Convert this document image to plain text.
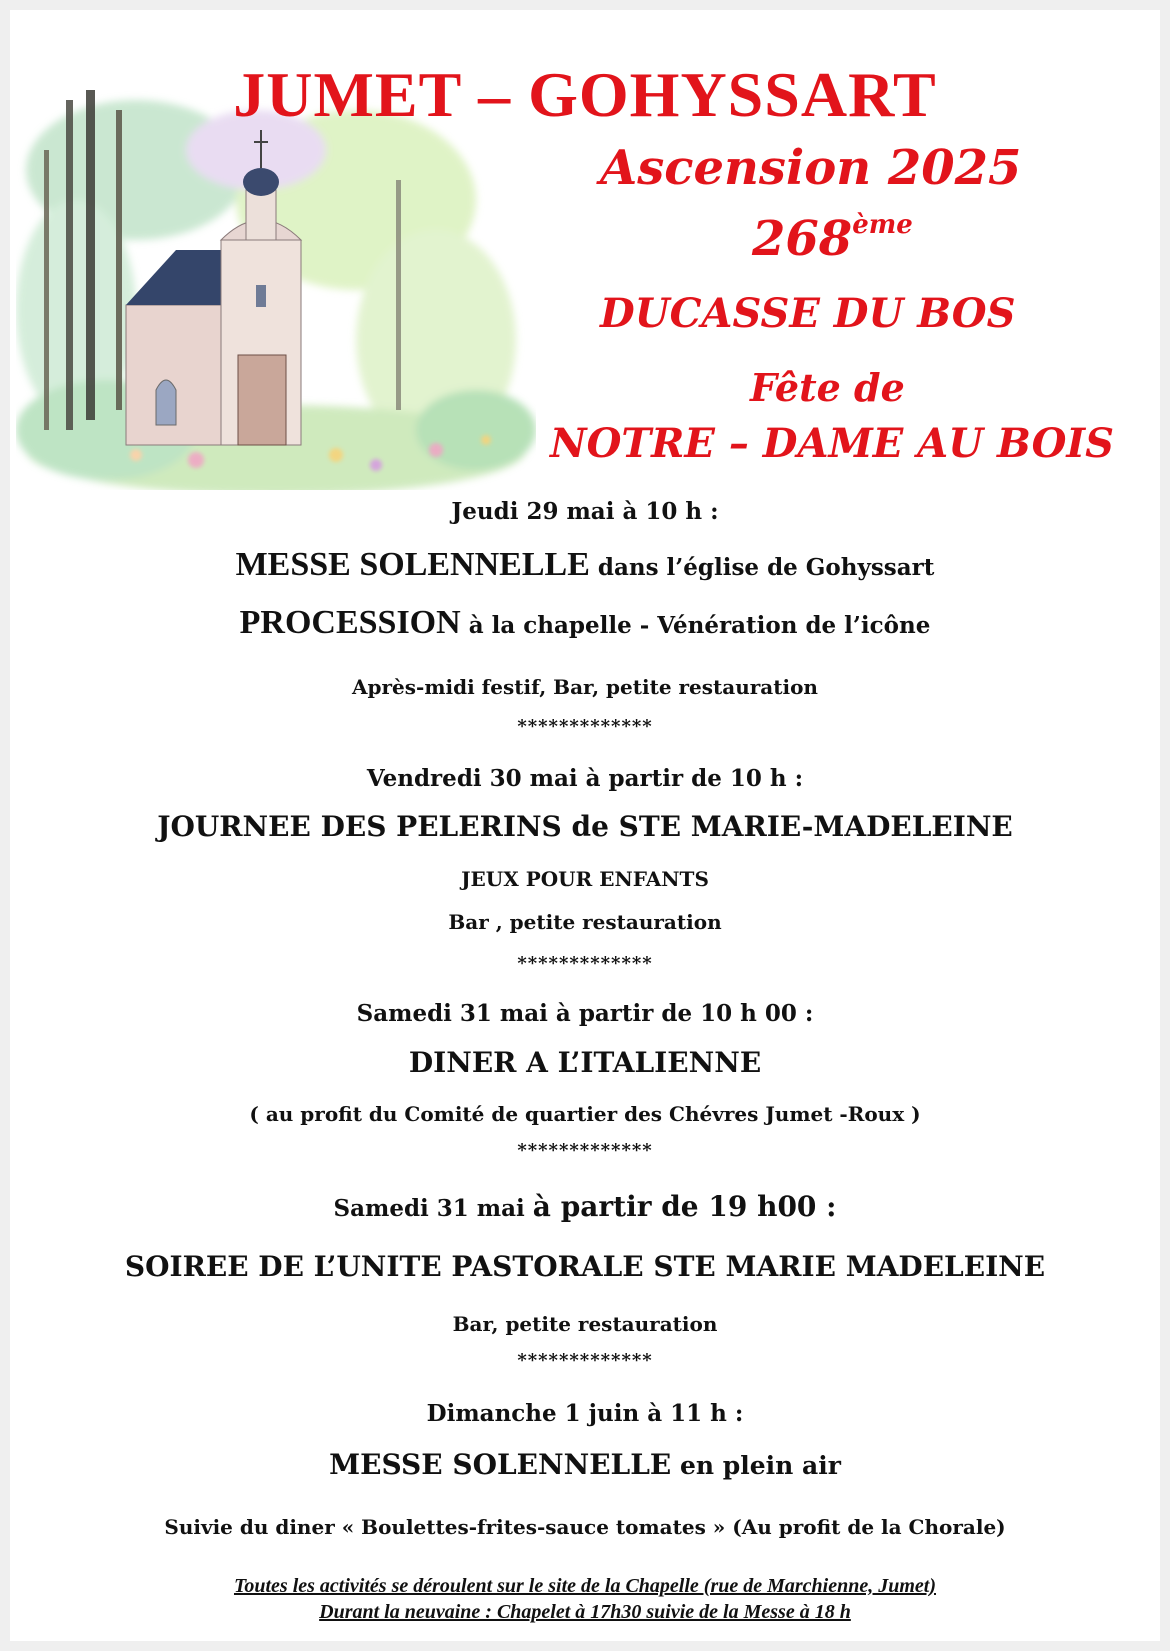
JUMET – GOHYSSART
Ascension 2025
268ème
DUCASSE DU BOS
Fête de
NOTRE – DAME AU BOIS
Jeudi 29 mai à 10 h :
MESSE SOLENNELLE dans l’église de Gohyssart
PROCESSION à la chapelle - Vénération de l’icône
Après-midi festif, Bar, petite restauration
*************
Vendredi 30 mai à partir de 10 h :
JOURNEE DES PELERINS de STE MARIE-MADELEINE
JEUX POUR ENFANTS
Bar , petite restauration
*************
Samedi 31 mai à partir de 10 h 00 :
DINER A L’ITALIENNE
( au profit du Comité de quartier des Chévres Jumet -Roux )
*************
Samedi 31 mai à partir de 19 h00 :
SOIREE DE L’UNITE PASTORALE STE MARIE MADELEINE
Bar, petite restauration
*************
Dimanche 1 juin à 11 h :
MESSE SOLENNELLE en plein air
Suivie du diner « Boulettes-frites-sauce tomates » (Au profit de la Chorale)
Toutes les activités se déroulent sur le site de la Chapelle (rue de Marchienne, Jumet)
Durant la neuvaine : Chapelet à 17h30 suivie de la Messe à 18 h
